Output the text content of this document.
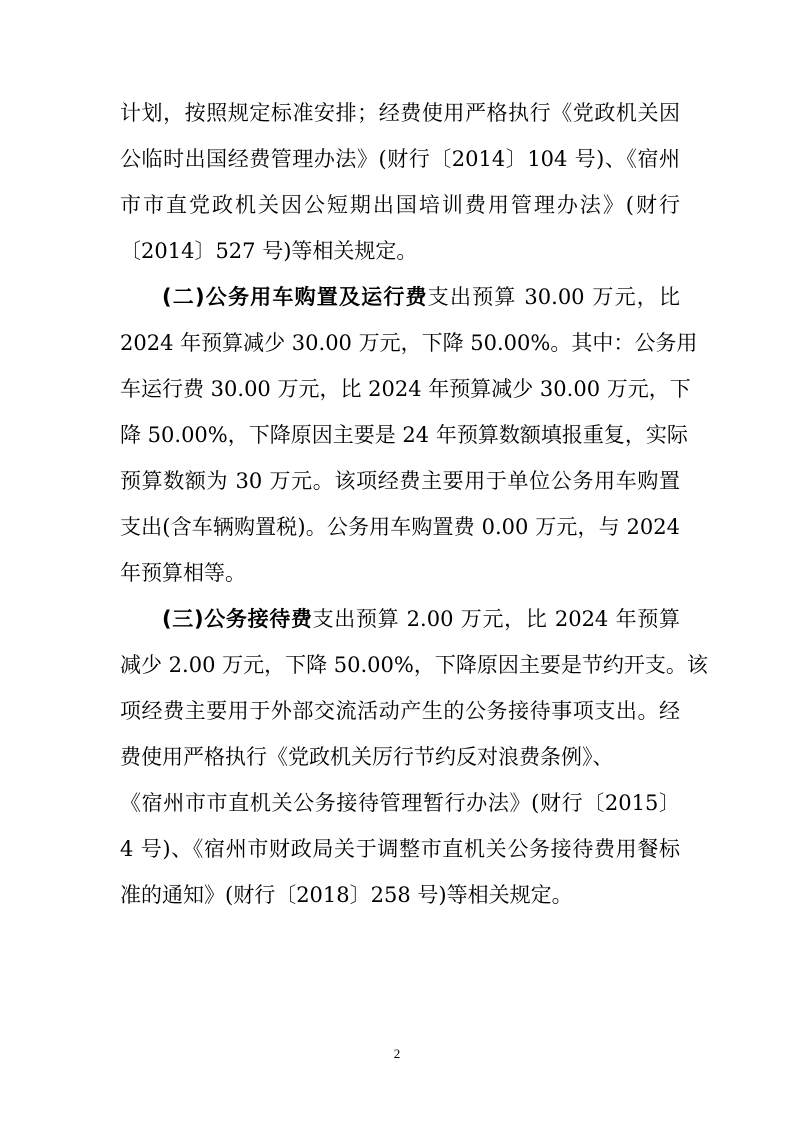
计划，按照规定标准安排；经费使用严格执行《党政机关因
公临时出国经费管理办法》(财行〔2014〕104 号)、《宿州
市市直党政机关因公短期出国培训费用管理办法》(财行
〔2014〕527 号)等相关规定。
(二)公务用车购置及运行费支出预算 30.00 万元，比
2024 年预算减少 30.00 万元，下降 50.00%。其中：公务用
车运行费 30.00 万元，比 2024 年预算减少 30.00 万元，下
降 50.00%，下降原因主要是 24 年预算数额填报重复，实际
预算数额为 30 万元。该项经费主要用于单位公务用车购置
支出(含车辆购置税)。公务用车购置费 0.00 万元，与 2024
年预算相等。
(三)公务接待费支出预算 2.00 万元，比 2024 年预算
减少 2.00 万元，下降 50.00%，下降原因主要是节约开支。该
项经费主要用于外部交流活动产生的公务接待事项支出。经
费使用严格执行《党政机关厉行节约反对浪费条例》、
《宿州市市直机关公务接待管理暂行办法》(财行〔2015〕
4 号)、《宿州市财政局关于调整市直机关公务接待费用餐标
准的通知》(财行〔2018〕258 号)等相关规定。
2
